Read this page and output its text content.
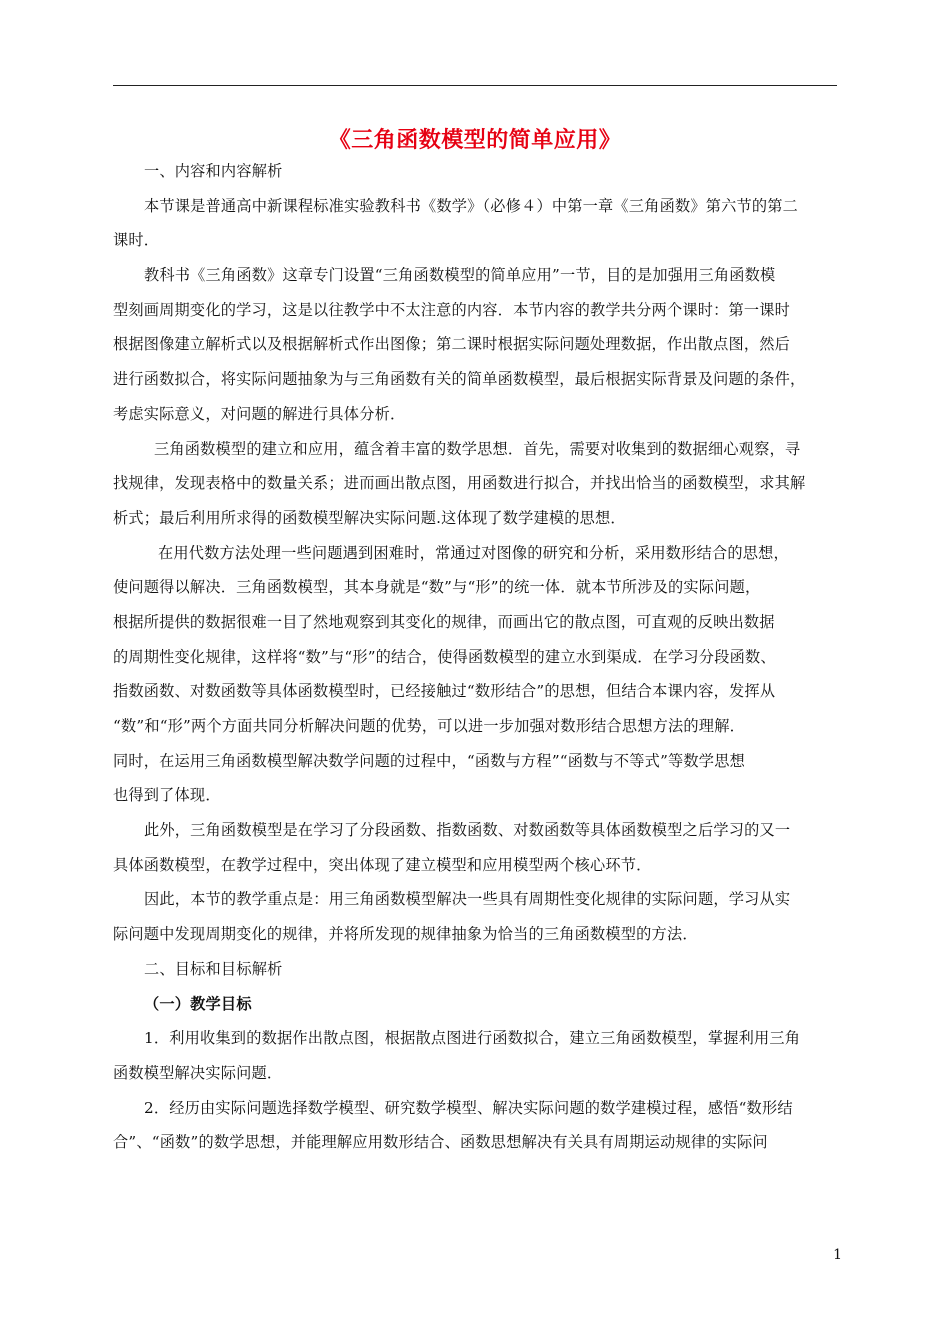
《三角函数模型的简单应用》
一、内容和内容解析
本节课是普通高中新课程标准实验教科书《数学》（必修４）中第一章《三角函数》第六节的第二
课时．
教科书《三角函数》这章专门设置“三角函数模型的简单应用”一节，目的是加强用三角函数模
型刻画周期变化的学习，这是以往教学中不太注意的内容．本节内容的教学共分两个课时：第一课时
根据图像建立解析式以及根据解析式作出图像；第二课时根据实际问题处理数据，作出散点图，然后
进行函数拟合，将实际问题抽象为与三角函数有关的简单函数模型，最后根据实际背景及问题的条件，
考虑实际意义，对问题的解进行具体分析．
三角函数模型的建立和应用，蕴含着丰富的数学思想．首先，需要对收集到的数据细心观察，寻
找规律，发现表格中的数量关系；进而画出散点图，用函数进行拟合，并找出恰当的函数模型，求其解
析式；最后利用所求得的函数模型解决实际问题.这体现了数学建模的思想．
在用代数方法处理一些问题遇到困难时，常通过对图像的研究和分析，采用数形结合的思想，
使问题得以解决．三角函数模型，其本身就是“数”与“形”的统一体．就本节所涉及的实际问题，
根据所提供的数据很难一目了然地观察到其变化的规律，而画出它的散点图，可直观的反映出数据
的周期性变化规律，这样将“数”与“形”的结合，使得函数模型的建立水到渠成．在学习分段函数、
指数函数、对数函数等具体函数模型时，已经接触过“数形结合”的思想，但结合本课内容，发挥从
“数”和“形”两个方面共同分析解决问题的优势，可以进一步加强对数形结合思想方法的理解．
同时，在运用三角函数模型解决数学问题的过程中，“函数与方程”“函数与不等式”等数学思想
也得到了体现．
此外，三角函数模型是在学习了分段函数、指数函数、对数函数等具体函数模型之后学习的又一
具体函数模型，在教学过程中，突出体现了建立模型和应用模型两个核心环节．
因此，本节的教学重点是：用三角函数模型解决一些具有周期性变化规律的实际问题，学习从实
际问题中发现周期变化的规律，并将所发现的规律抽象为恰当的三角函数模型的方法．
二、目标和目标解析
（一）教学目标
1．利用收集到的数据作出散点图，根据散点图进行函数拟合，建立三角函数模型，掌握利用三角
函数模型解决实际问题．
2．经历由实际问题选择数学模型、研究数学模型、解决实际问题的数学建模过程，感悟“数形结
合”、“函数”的数学思想，并能理解应用数形结合、函数思想解决有关具有周期运动规律的实际问
1
